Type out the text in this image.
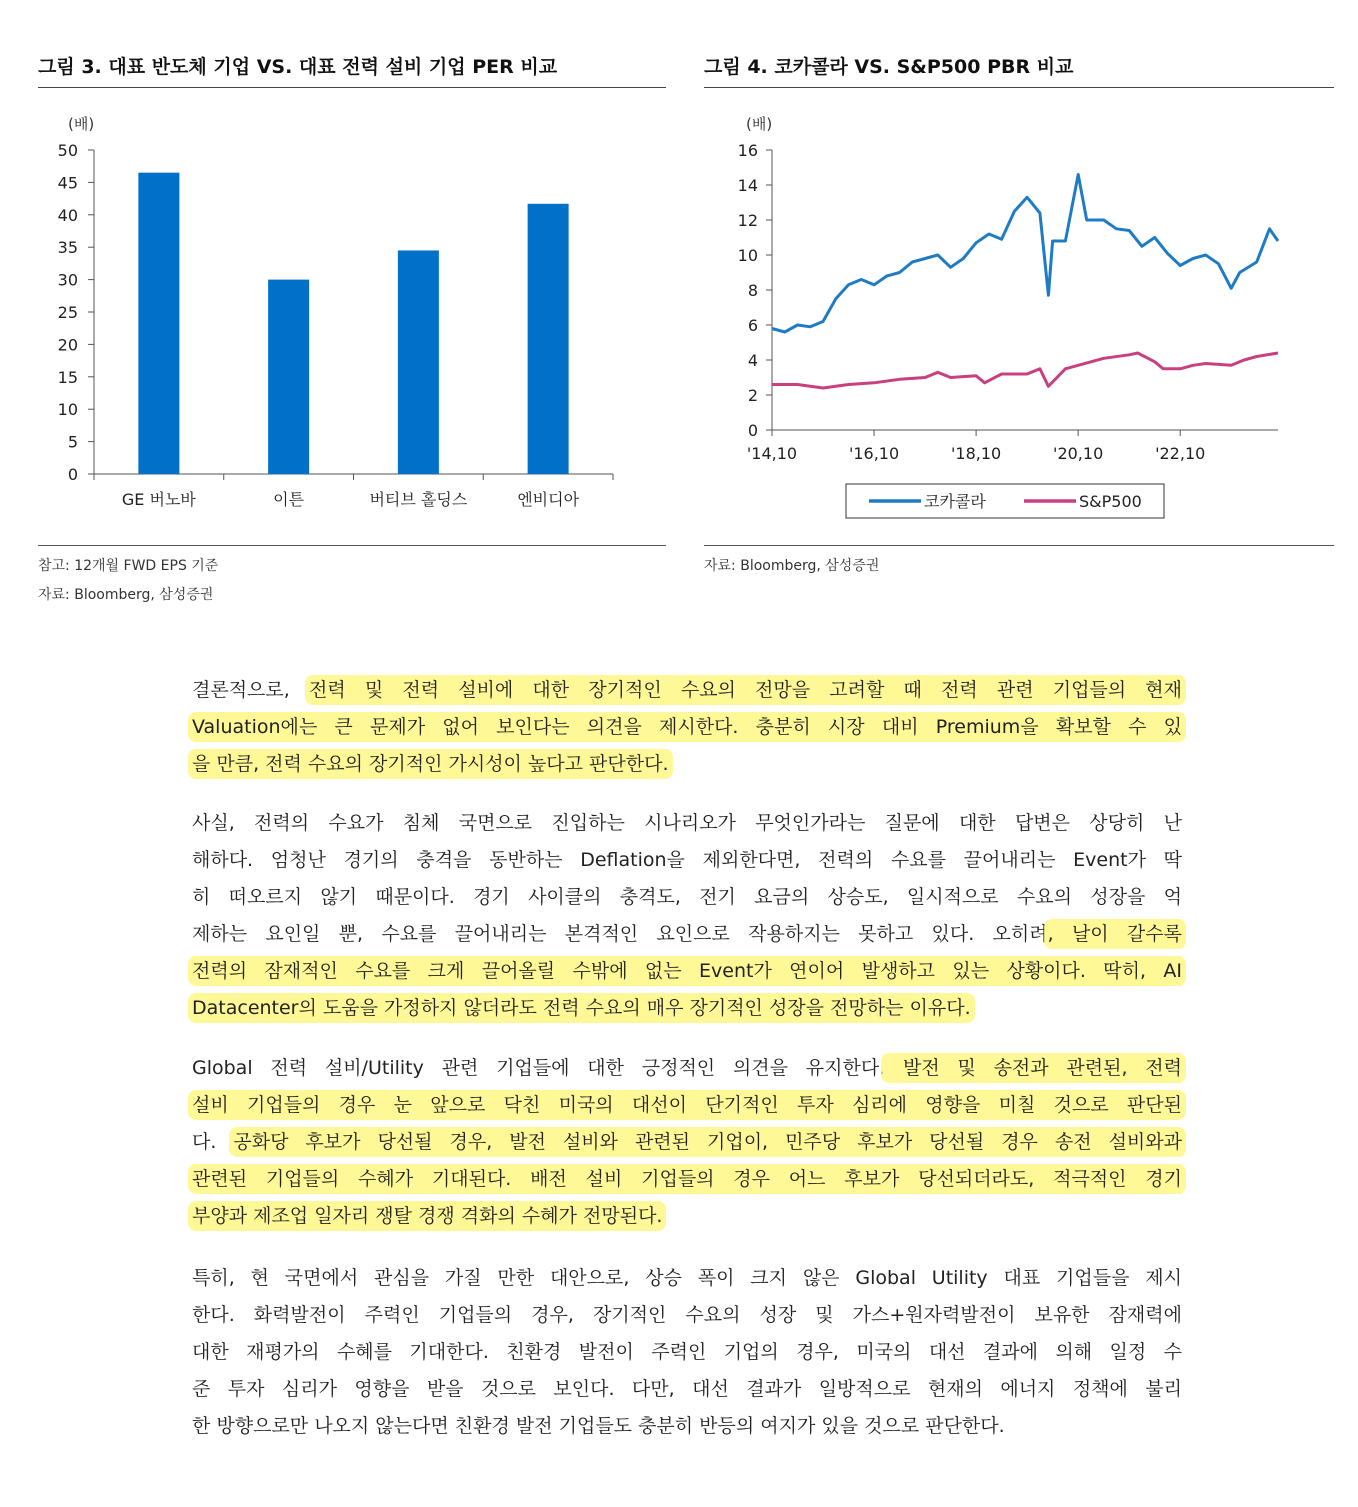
그림 3. 대표 반도체 기업 VS. 대표 전력 설비 기업 PER 비교
(배)
0
5
10
15
20
25
30
35
40
45
50
GE 버노바	이튼	버티브 홀딩스	엔비디아
참고: 12개월 FWD EPS 기준
자료: Bloomberg, 삼성증권
그림 4. 코카콜라 VS. S&P500 PBR 비교
(배)
0
2
4
6
8
10
12
14
16
'14,10	'16,10	'18,10	'20,10	'22,10
코카콜라	S&P500
자료: Bloomberg, 삼성증권
결론적으로, 전력 및 전력 설비에 대한 장기적인 수요의 전망을 고려할 때 전력 관련 기업들의 현재
Valuation에는 큰 문제가 없어 보인다는 의견을 제시한다. 충분히 시장 대비 Premium을 확보할 수 있
을 만큼, 전력 수요의 장기적인 가시성이 높다고 판단한다.
사실, 전력의 수요가 침체 국면으로 진입하는 시나리오가 무엇인가라는 질문에 대한 답변은 상당히 난
해하다. 엄청난 경기의 충격을 동반하는 Deflation을 제외한다면, 전력의 수요를 끌어내리는 Event가 딱
히 떠오르지 않기 때문이다. 경기 사이클의 충격도, 전기 요금의 상승도, 일시적으로 수요의 성장을 억
제하는 요인일 뿐, 수요를 끌어내리는 본격적인 요인으로 작용하지는 못하고 있다. 오히려, 날이 갈수록
전력의 잠재적인 수요를 크게 끌어올릴 수밖에 없는 Event가 연이어 발생하고 있는 상황이다. 딱히, AI
Datacenter의 도움을 가정하지 않더라도 전력 수요의 매우 장기적인 성장을 전망하는 이유다.
Global 전력 설비/Utility 관련 기업들에 대한 긍정적인 의견을 유지한다. 발전 및 송전과 관련된, 전력
설비 기업들의 경우 눈 앞으로 닥친 미국의 대선이 단기적인 투자 심리에 영향을 미칠 것으로 판단된
다. 공화당 후보가 당선될 경우, 발전 설비와 관련된 기업이, 민주당 후보가 당선될 경우 송전 설비와과
관련된 기업들의 수혜가 기대된다. 배전 설비 기업들의 경우 어느 후보가 당선되더라도, 적극적인 경기
부양과 제조업 일자리 쟁탈 경쟁 격화의 수혜가 전망된다.
특히, 현 국면에서 관심을 가질 만한 대안으로, 상승 폭이 크지 않은 Global Utility 대표 기업들을 제시
한다. 화력발전이 주력인 기업들의 경우, 장기적인 수요의 성장 및 가스+원자력발전이 보유한 잠재력에
대한 재평가의 수혜를 기대한다. 친환경 발전이 주력인 기업의 경우, 미국의 대선 결과에 의해 일정 수
준 투자 심리가 영향을 받을 것으로 보인다. 다만, 대선 결과가 일방적으로 현재의 에너지 정책에 불리
한 방향으로만 나오지 않는다면 친환경 발전 기업들도 충분히 반등의 여지가 있을 것으로 판단한다.
